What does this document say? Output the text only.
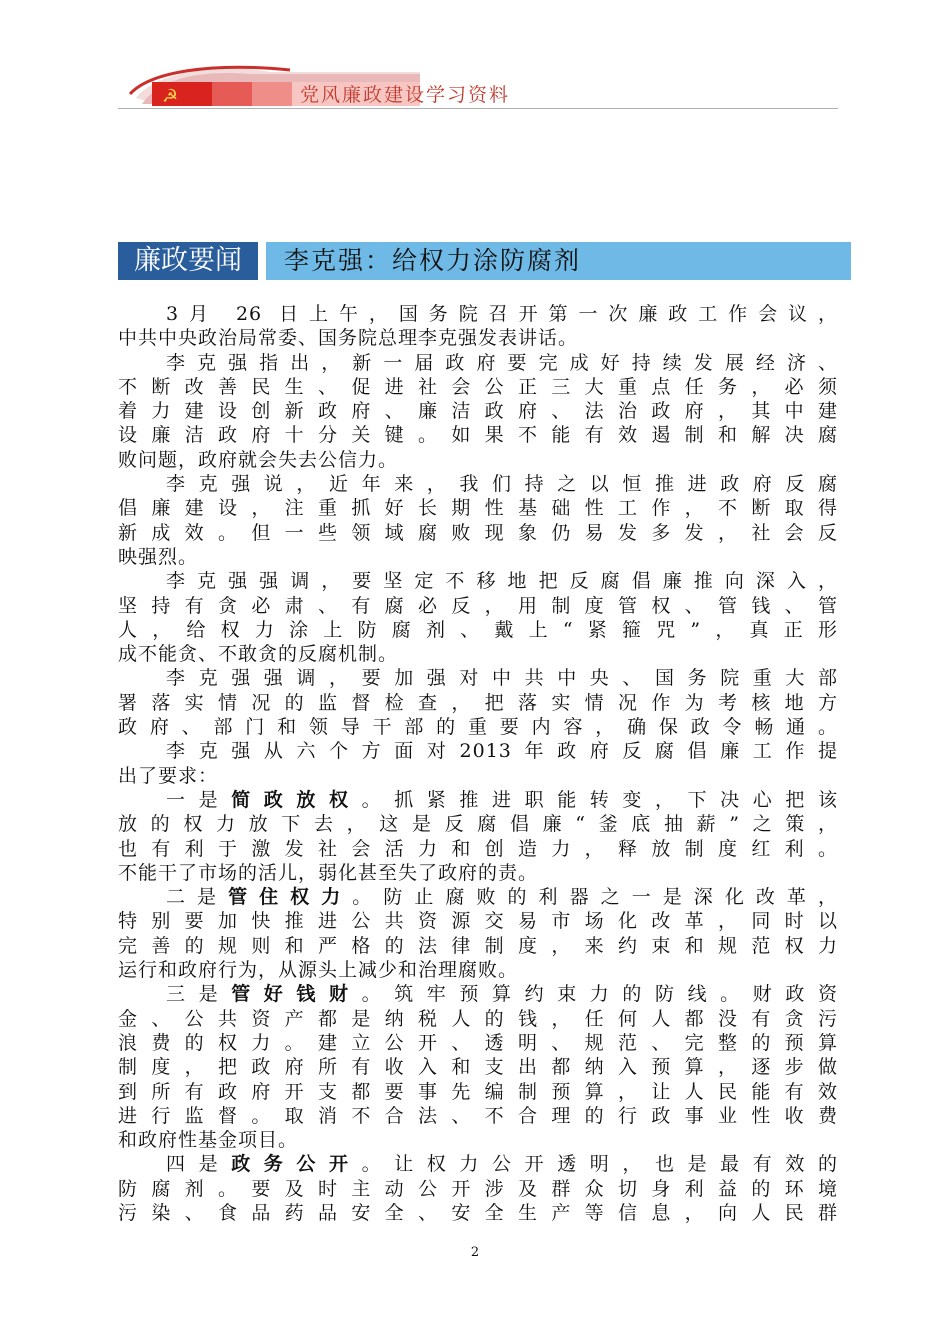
☭	党风廉政建设学习资料
廉政要闻	李克强：给权力涂防腐剂
3月 26 日上午，国务院召开第一次廉政工作会议，
中共中央政治局常委、国务院总理李克强发表讲话。
李克强指出，新一届政府要完成好持续发展经济、
不断改善民生、促进社会公正三大重点任务，必须
着力建设创新政府、廉洁政府、法治政府，其中建
设廉洁政府十分关键。如果不能有效遏制和解决腐
败问题，政府就会失去公信力。
李克强说，近年来，我们持之以恒推进政府反腐
倡廉建设，注重抓好长期性基础性工作，不断取得
新成效。但一些领域腐败现象仍易发多发，社会反
映强烈。
李克强强调，要坚定不移地把反腐倡廉推向深入，
坚持有贪必肃、有腐必反，用制度管权、管钱、管
人，给权力涂上防腐剂、戴上“紧箍咒”，真正形
成不能贪、不敢贪的反腐机制。
李克强强调，要加强对中共中央、国务院重大部
署落实情况的监督检查，把落实情况作为考核地方
政府、部门和领导干部的重要内容，确保政令畅通。
李克强从六个方面对2013年政府反腐倡廉工作提
出了要求：
一是简政放权。抓紧推进职能转变，下决心把该
放的权力放下去，这是反腐倡廉“釜底抽薪”之策，
也有利于激发社会活力和创造力，释放制度红利。
不能干了市场的活儿，弱化甚至失了政府的责。
二是管住权力。防止腐败的利器之一是深化改革，
特别要加快推进公共资源交易市场化改革，同时以
完善的规则和严格的法律制度，来约束和规范权力
运行和政府行为，从源头上减少和治理腐败。
三是管好钱财。筑牢预算约束力的防线。财政资
金、公共资产都是纳税人的钱，任何人都没有贪污
浪费的权力。建立公开、透明、规范、完整的预算
制度，把政府所有收入和支出都纳入预算，逐步做
到所有政府开支都要事先编制预算，让人民能有效
进行监督。取消不合法、不合理的行政事业性收费
和政府性基金项目。
四是政务公开。让权力公开透明，也是最有效的
防腐剂。要及时主动公开涉及群众切身利益的环境
污染、食品药品安全、安全生产等信息，向人民群
2
